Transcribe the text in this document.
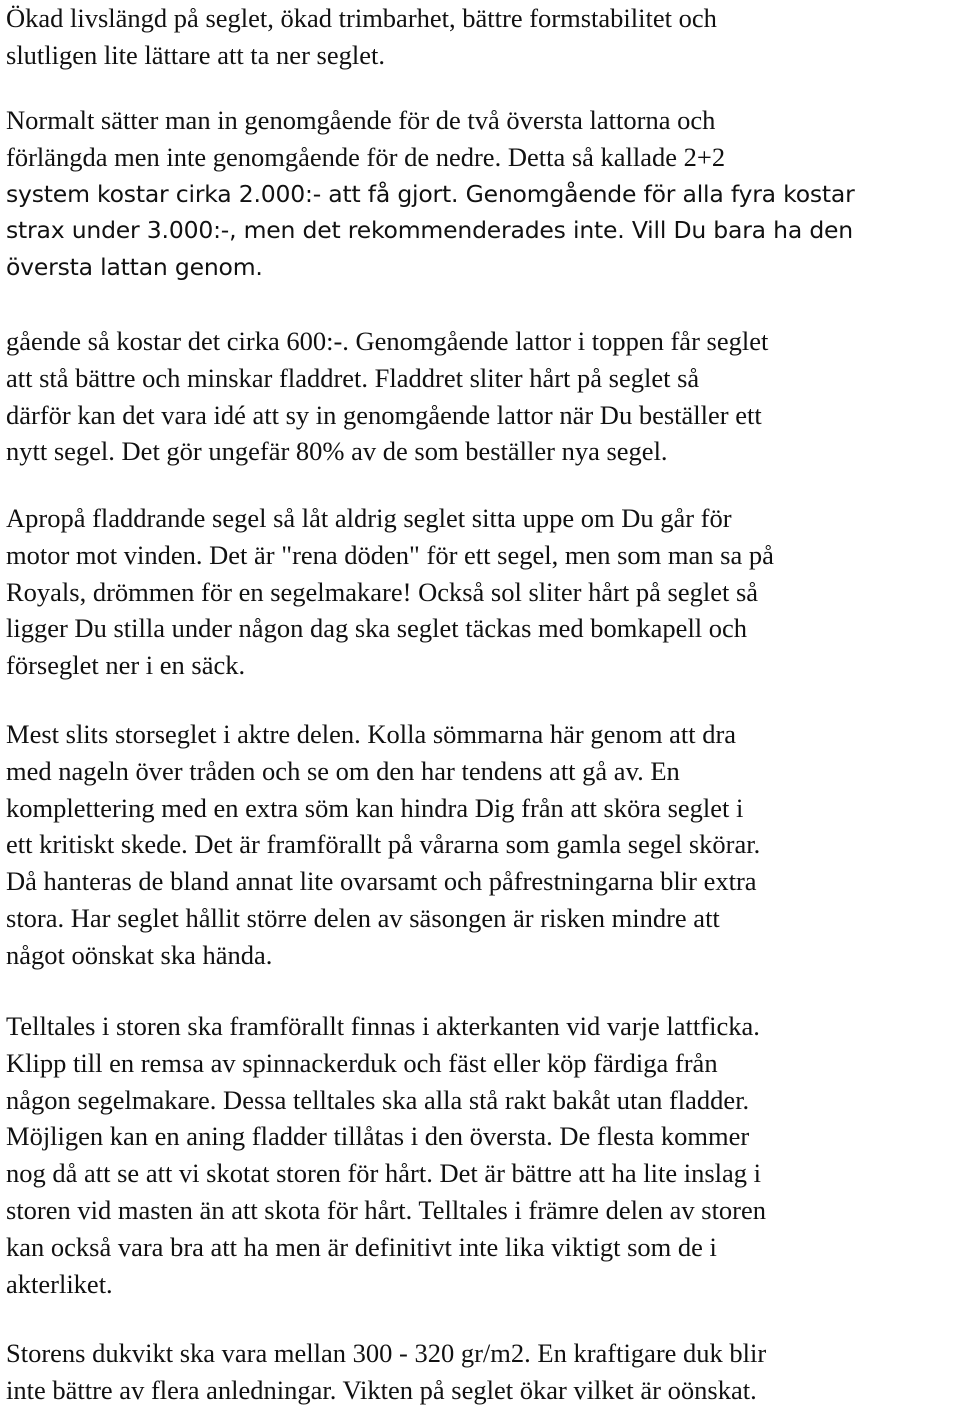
Ökad livslängd på seglet, ökad trimbarhet, bättre formstabilitet och
slutligen lite lättare att ta ner seglet.
Normalt sätter man in genomgående för de två översta lattorna och
förlängda men inte genomgående för de nedre. Detta så kallade 2+2
system kostar cirka 2.000:- att få gjort. Genomgående för alla fyra kostar
strax under 3.000:-, men det rekommenderades inte. Vill Du bara ha den
översta lattan genom.
gående så kostar det cirka 600:-. Genomgående lattor i toppen får seglet
att stå bättre och minskar fladdret. Fladdret sliter hårt på seglet så
därför kan det vara idé att sy in genomgående lattor när Du beställer ett
nytt segel. Det gör ungefär 80% av de som beställer nya segel.
Apropå fladdrande segel så låt aldrig seglet sitta uppe om Du går för
motor mot vinden. Det är "rena döden" för ett segel, men som man sa på
Royals, drömmen för en segelmakare! Också sol sliter hårt på seglet så
ligger Du stilla under någon dag ska seglet täckas med bomkapell och
förseglet ner i en säck.
Mest slits storseglet i aktre delen. Kolla sömmarna här genom att dra
med nageln över tråden och se om den har tendens att gå av. En
komplettering med en extra söm kan hindra Dig från att sköra seglet i
ett kritiskt skede. Det är framförallt på vårarna som gamla segel skörar.
Då hanteras de bland annat lite ovarsamt och påfrestningarna blir extra
stora. Har seglet hållit större delen av säsongen är risken mindre att
något oönskat ska hända.
Telltales i storen ska framförallt finnas i akterkanten vid varje lattficka.
Klipp till en remsa av spinnackerduk och fäst eller köp färdiga från
någon segelmakare. Dessa telltales ska alla stå rakt bakåt utan fladder.
Möjligen kan en aning fladder tillåtas i den översta. De flesta kommer
nog då att se att vi skotat storen för hårt. Det är bättre att ha lite inslag i
storen vid masten än att skota för hårt. Telltales i främre delen av storen
kan också vara bra att ha men är definitivt inte lika viktigt som de i
akterliket.
Storens dukvikt ska vara mellan 300 - 320 gr/m2. En kraftigare duk blir
inte bättre av flera anledningar. Vikten på seglet ökar vilket är oönskat.
